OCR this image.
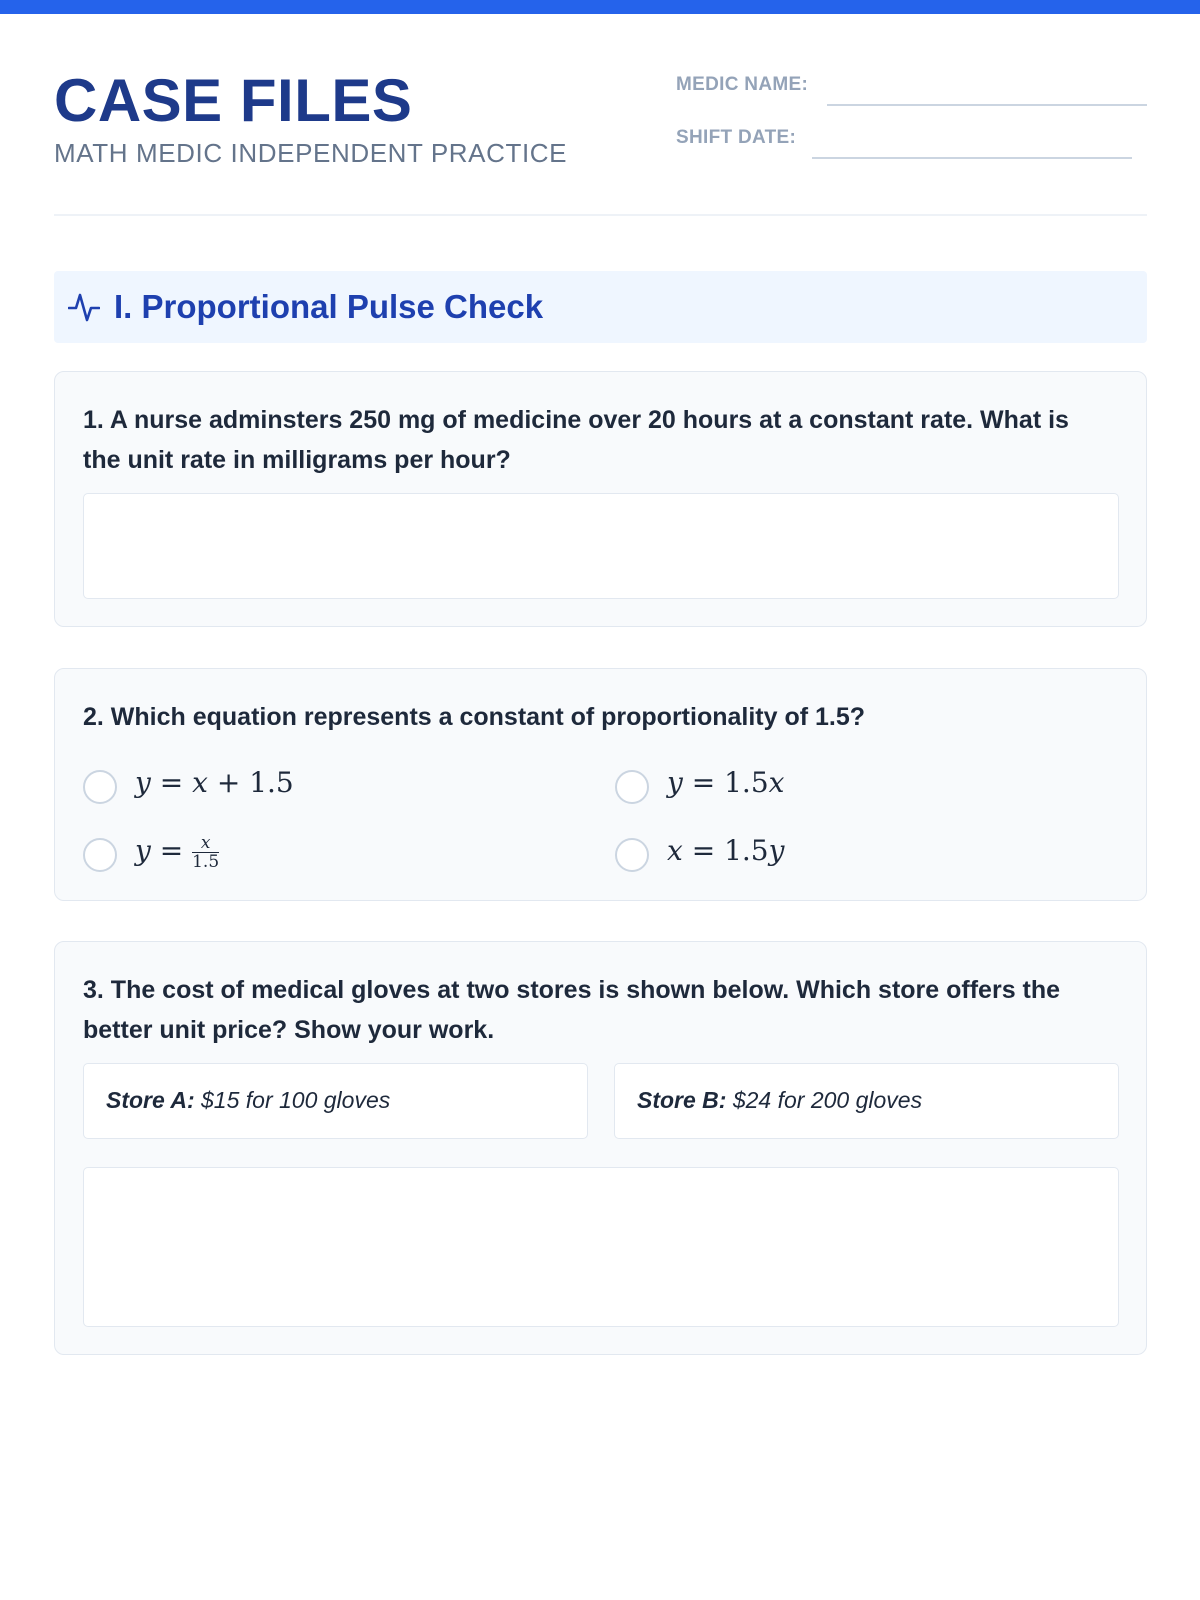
CASE FILES
MATH MEDIC INDEPENDENT PRACTICE
MEDIC NAME:
SHIFT DATE:
I. Proportional Pulse Check

1. A nurse adminsters 250 mg of medicine over 20 hours at a constant rate. What is the unit rate in milligrams per hour?

2. Which equation represents a constant of proportionality of 1.5?

y = x + 1.5	y = 1.5x
$y = \frac{x}{1.5}$	x = 1.5y

3. The cost of medical gloves at two stores is shown below. Which store offers the better unit price? Show your work.

Store A: $15 for 100 gloves	Store B: $24 for 200 gloves
